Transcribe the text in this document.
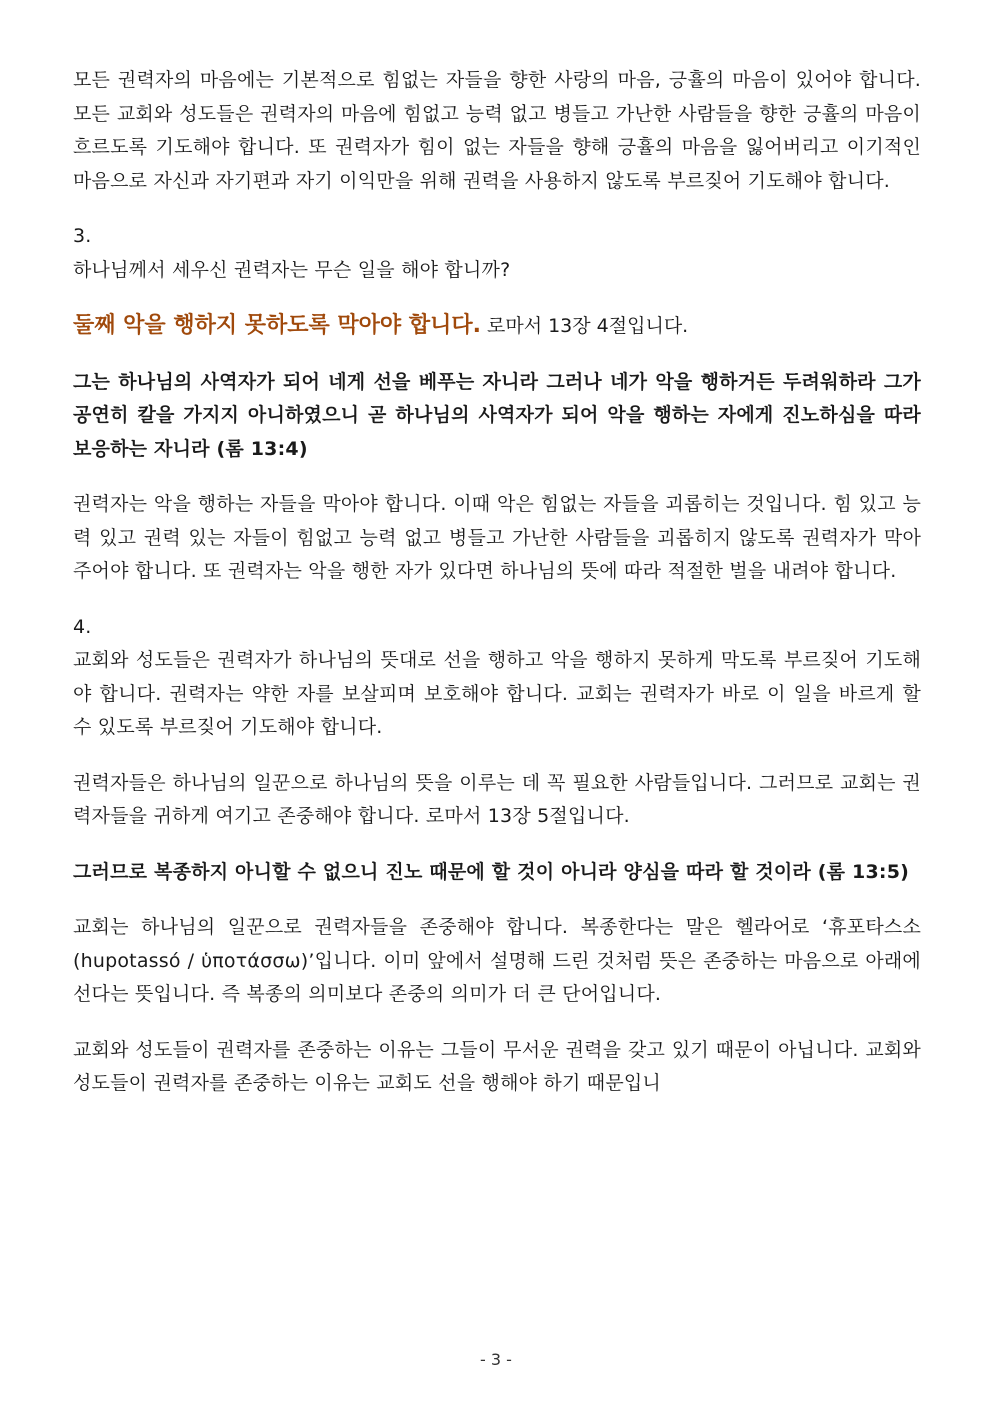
모든 권력자의 마음에는 기본적으로 힘없는 자들을 향한 사랑의 마음, 긍휼의 마음이 있어야 합니다. 모든 교회와 성도들은 권력자의 마음에 힘없고 능력 없고 병들고 가난한 사람들을 향한 긍휼의 마음이 흐르도록 기도해야 합니다. 또 권력자가 힘이 없는 자들을 향해 긍휼의 마음을 잃어버리고 이기적인 마음으로 자신과 자기편과 자기 이익만을 위해 권력을 사용하지 않도록 부르짖어 기도해야 합니다.

3.

하나님께서 세우신 권력자는 무슨 일을 해야 합니까?

둘째 악을 행하지 못하도록 막아야 합니다. 로마서 13장 4절입니다.

그는 하나님의 사역자가 되어 네게 선을 베푸는 자니라 그러나 네가 악을 행하거든 두려워하라 그가 공연히 칼을 가지지 아니하였으니 곧 하나님의 사역자가 되어 악을 행하는 자에게 진노하심을 따라 보응하는 자니라 (롬 13:4)

권력자는 악을 행하는 자들을 막아야 합니다. 이때 악은 힘없는 자들을 괴롭히는 것입니다. 힘 있고 능력 있고 권력 있는 자들이 힘없고 능력 없고 병들고 가난한 사람들을 괴롭히지 않도록 권력자가 막아주어야 합니다. 또 권력자는 악을 행한 자가 있다면 하나님의 뜻에 따라 적절한 벌을 내려야 합니다.

4.

교회와 성도들은 권력자가 하나님의 뜻대로 선을 행하고 악을 행하지 못하게 막도록 부르짖어 기도해야 합니다. 권력자는 약한 자를 보살피며 보호해야 합니다. 교회는 권력자가 바로 이 일을 바르게 할 수 있도록 부르짖어 기도해야 합니다.

권력자들은 하나님의 일꾼으로 하나님의 뜻을 이루는 데 꼭 필요한 사람들입니다. 그러므로 교회는 권력자들을 귀하게 여기고 존중해야 합니다. 로마서 13장 5절입니다.

그러므로 복종하지 아니할 수 없으니 진노 때문에 할 것이 아니라 양심을 따라 할 것이라 (롬 13:5)

교회는 하나님의 일꾼으로 권력자들을 존중해야 합니다. 복종한다는 말은 헬라어로 ‘휴포타스소(hupotassó / ὑποτάσσω)’입니다. 이미 앞에서 설명해 드린 것처럼 뜻은 존중하는 마음으로 아래에 선다는 뜻입니다. 즉 복종의 의미보다 존중의 의미가 더 큰 단어입니다.

교회와 성도들이 권력자를 존중하는 이유는 그들이 무서운 권력을 갖고 있기 때문이 아닙니다. 교회와 성도들이 권력자를 존중하는 이유는 교회도 선을 행해야 하기 때문입니

- 3 -
